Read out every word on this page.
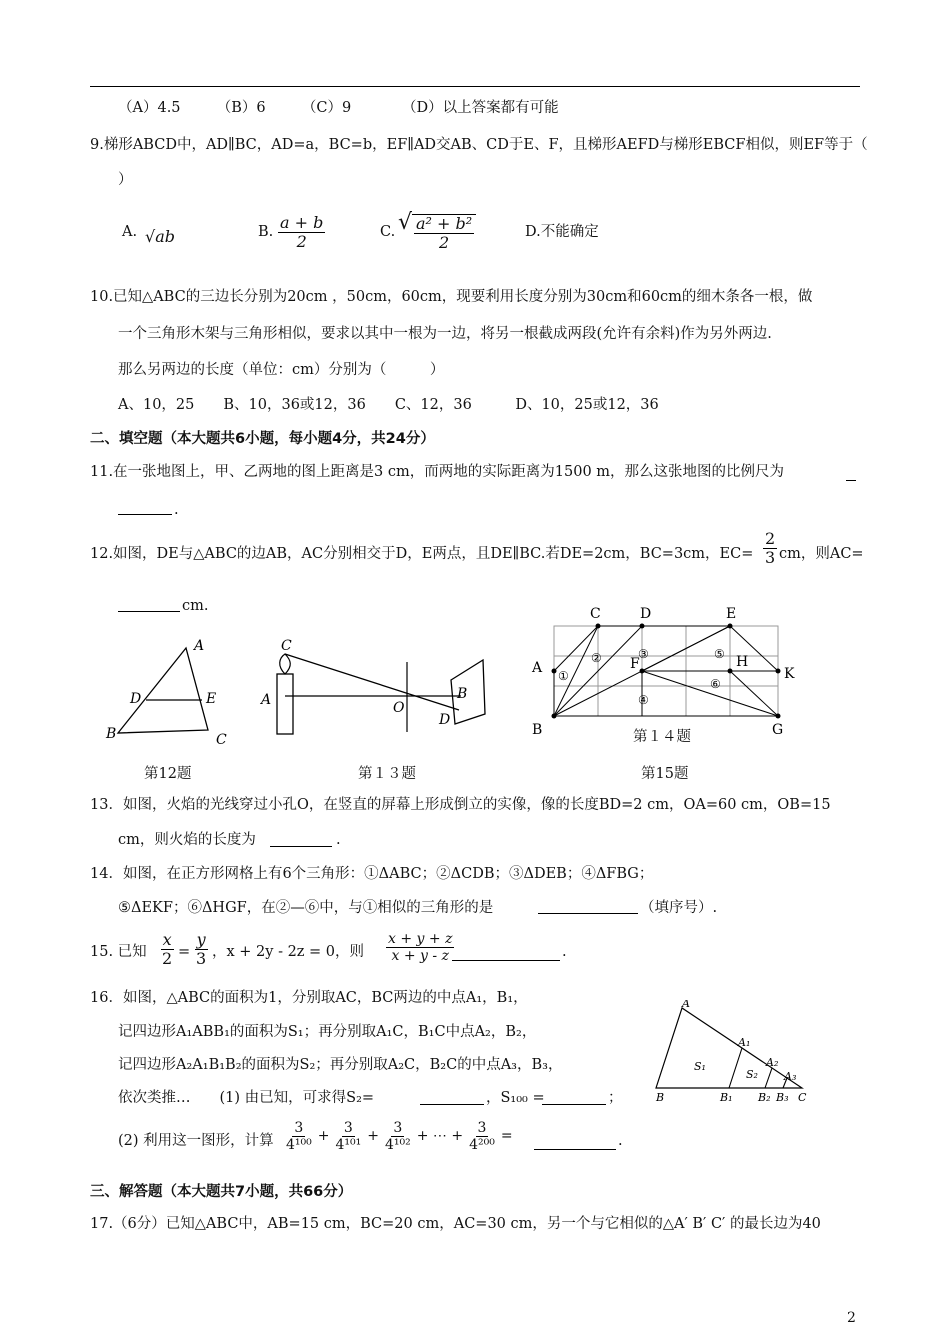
（A）4.5　　　（B）6　　　（C）9　　　　（D）以上答案都有可能
9.梯形ABCD中，AD∥BC，AD=a，BC=b，EF∥AD交AB、CD于E、F，且梯形AEFD与梯形EBCF相似，则EF等于（
）
A. √ab	B. $\frac{a + b}{2}$	C. √ $\frac{\text{a² + b²}}{2}$	D.不能确定
10.已知△ABC的三边长分别为20cm ，50cm，60cm，现要利用长度分别为30cm和60cm的细木条各一根，做
一个三角形木架与三角形相似，要求以其中一根为一边，将另一根截成两段(允许有余料)作为另外两边.
那么另两边的长度（单位：cm）分别为（　　　）
A、10，25　　B、10，36或12，36　　C、12，36　　　D、10，25或12，36
二、填空题（本大题共6小题，每小题4分，共24分）
11.在一张地图上，甲、乙两地的图上距离是3 cm，而两地的实际距离为1500 m，那么这张地图的比例尺为
.
12.如图，DE与△ABC的边AB，AC分别相交于D，E两点，且DE∥BC.若DE=2cm，BC=3cm，$EC= \frac{2}{3}$ cm，则AC=
cm.
A
B	C
D	E
第12题
C
A	O
B
D
第１３题
C	D	E
A	F	H
K
B	G
①
②	③
④
⑤
⑥
第１４题
第15题
13．如图，火焰的光线穿过小孔O，在竖直的屏幕上形成倒立的实像，像的长度BD=2 cm，OA=60 cm，OB=15
cm，则火焰的长度为	.
14．如图，在正方形网格上有6个三角形：①ΔABC；②ΔCDB；③ΔDEB；④ΔFBG；
⑤ΔEKF；⑥ΔHGF，在②—⑥中，与①相似的三角形的是	（填序号）.
15. 已知 $\frac{x}{2} = \frac{y}{3}$ ，x + 2y - 2z = 0，则 $\frac{x + y + z}{x + y - z}$	.
16．如图，△ABC的面积为1，分别取AC，BC两边的中点A₁，B₁，
记四边形A₁ABB₁的面积为S₁；再分别取A₁C，B₁C中点A₂，B₂，
记四边形A₂A₁B₁B₂的面积为S₂；再分别取A₂C，B₂C的中点A₃，B₃，
依次类推…　　(1) 由已知，可求得S₂=	，S₁₀₀ =	；
(2) 利用这一图形，计算 $\frac{3}{\text{4¹⁰⁰}} + \frac{3}{\text{4¹⁰¹}} + \frac{3}{\text{4¹⁰²}}$ + ⋯ + $\frac{3}{\text{4²⁰⁰}}$ =	.
A
B	C
A₁
A₂
A₃
B₁ B₂ B₃
S₁
S₂
三、解答题（本大题共7小题，共66分）
17.（6分）已知△ABC中，AB=15 cm，BC=20 cm，AC=30 cm，另一个与它相似的△A′ B′ C′ 的最长边为40
2
